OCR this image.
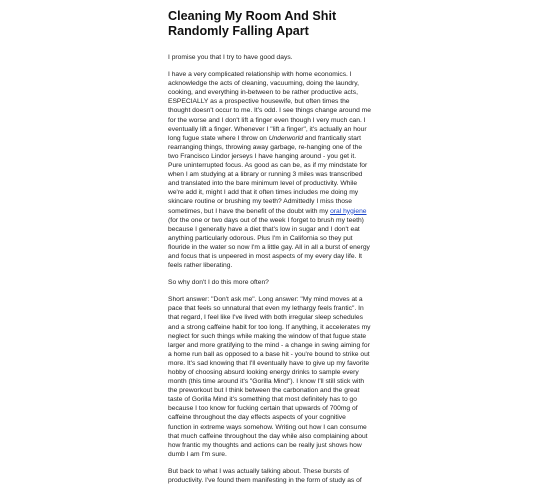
Cleaning My Room And Shit Randomly Falling Apart

I promise you that I try to have good days.

I have a very complicated relationship with home economics. I acknowledge the acts of cleaning, vacuuming, doing the laundry, cooking, and everything in-between to be rather productive acts, ESPECIALLY as a prospective housewife, but often times the thought doesn't occur to me. It's odd. I see things change around me for the worse and I don't lift a finger even though I very much can. I eventually lift a finger. Whenever I "lift a finger", it's actually an hour long fugue state where I throw on Underworld and frantically start rearranging things, throwing away garbage, re-hanging one of the two Francisco Lindor jerseys I have hanging around - you get it. Pure uninterrupted focus. As good as can be, as if my mindstate for when I am studying at a library or running 3 miles was transcribed and translated into the bare minimum level of productivity. While we're add it, might I add that it often times includes me doing my skincare routine or brushing my teeth? Admittedly I miss those sometimes, but I have the benefit of the doubt with my oral hygiene (for the one or two days out of the week I forget to brush my teeth) because I generally have a diet that's low in sugar and I don't eat anything particularly odorous. Plus I'm in California so they put flouride in the water so now I'm a little gay. All in all a burst of energy and focus that is unpeered in most aspects of my every day life. It feels rather liberating.

So why don't I do this more often?

Short answer: "Don't ask me". Long answer: "My mind moves at a pace that feels so unnatural that even my lethargy feels frantic". In that regard, I feel like I've lived with both irregular sleep schedules and a strong caffeine habit for too long. If anything, it accelerates my neglect for such things while making the window of that fugue state larger and more gratifying to the mind - a change in swing aiming for a home run ball as opposed to a base hit - you're bound to strike out more. It's sad knowing that I'll eventually have to give up my favorite hobby of choosing absurd looking energy drinks to sample every month (this time around it's "Gorilla Mind"). I know I'll still stick with the preworkout but I think between the carbonation and the great taste of Gorilla Mind it's something that most definitely has to go because I too know for fucking certain that upwards of 700mg of caffeine throughout the day effects aspects of your cognitive function in extreme ways somehow. Writing out how I can consume that much caffeine throughout the day while also complaining about how frantic my thoughts and actions can be really just shows how dumb I am I'm sure.

But back to what I was actually talking about. These bursts of productivity. I've found them manifesting in the form of study as of
